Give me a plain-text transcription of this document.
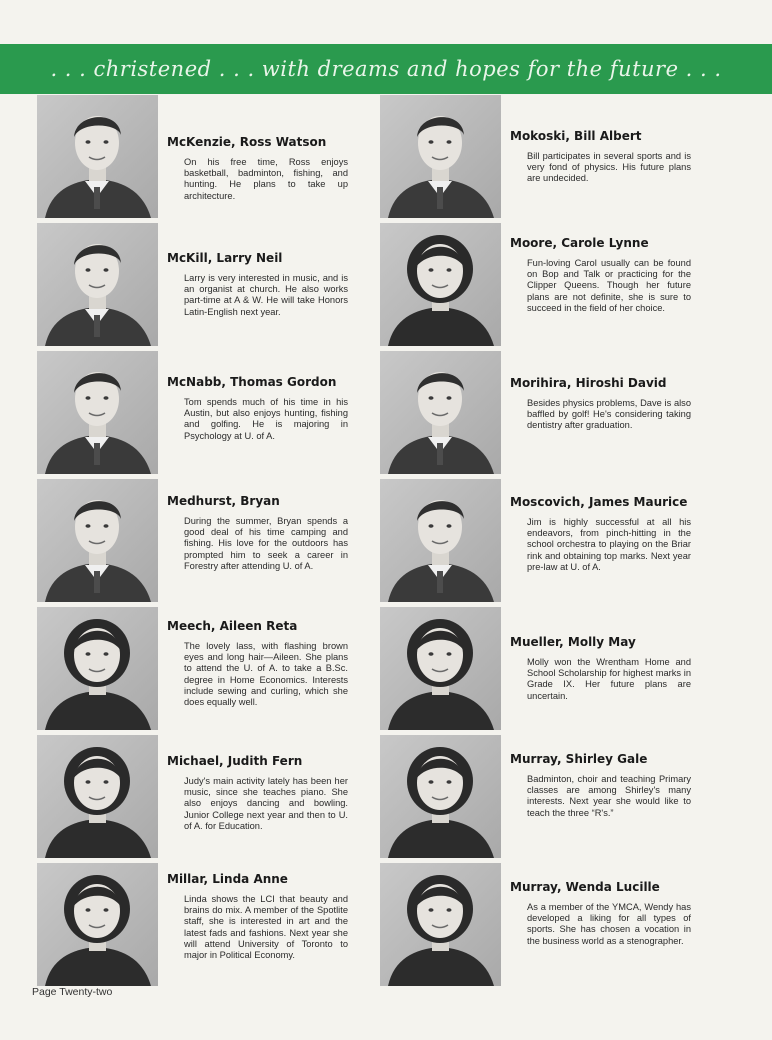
. . . christened . . . with dreams and hopes for the future . . .
McKenzie, Ross Watson

On his free time, Ross enjoys basketball, badminton, fishing, and hunting. He plans to take up architecture.

McKill, Larry Neil

Larry is very interested in music, and is an organist at church. He also works part-time at A & W. He will take Honors Latin-English next year.

McNabb, Thomas Gordon

Tom spends much of his time in his Austin, but also enjoys hunting, fishing and golfing. He is majoring in Psychology at U. of A.

Medhurst, Bryan

During the summer, Bryan spends a good deal of his time camping and fishing. His love for the outdoors has prompted him to seek a career in Forestry after attending U. of A.

Meech, Aileen Reta

The lovely lass, with flashing brown eyes and long hair—Aileen. She plans to attend the U. of A. to take a B.Sc. degree in Home Economics. Interests include sewing and curling, which she does equally well.

Michael, Judith Fern

Judy's main activity lately has been her music, since she teaches piano. She also enjoys dancing and bowling. Junior College next year and then to U. of A. for Education.

Millar, Linda Anne

Linda shows the LCI that beauty and brains do mix. A member of the Spotlite staff, she is interested in art and the latest fads and fashions. Next year she will attend University of Toronto to major in Political Economy.

Mokoski, Bill Albert

Bill participates in several sports and is very fond of physics. His future plans are undecided.

Moore, Carole Lynne

Fun-loving Carol usually can be found on Bop and Talk or practicing for the Clipper Queens. Though her future plans are not definite, she is sure to succeed in the field of her choice.

Morihira, Hiroshi David

Besides physics problems, Dave is also baffled by golf! He's considering taking dentistry after graduation.

Moscovich, James Maurice

Jim is highly successful at all his endeavors, from pinch-hitting in the school orchestra to playing on the Briar rink and obtaining top marks. Next year pre-law at U. of A.

Mueller, Molly May

Molly won the Wrentham Home and School Scholarship for highest marks in Grade IX. Her future plans are uncertain.

Murray, Shirley Gale

Badminton, choir and teaching Primary classes are among Shirley's many interests. Next year she would like to teach the three “R's.”

Murray, Wenda Lucille

As a member of the YMCA, Wendy has developed a liking for all types of sports. She has chosen a vocation in the business world as a stenographer.

Page Twenty-two
